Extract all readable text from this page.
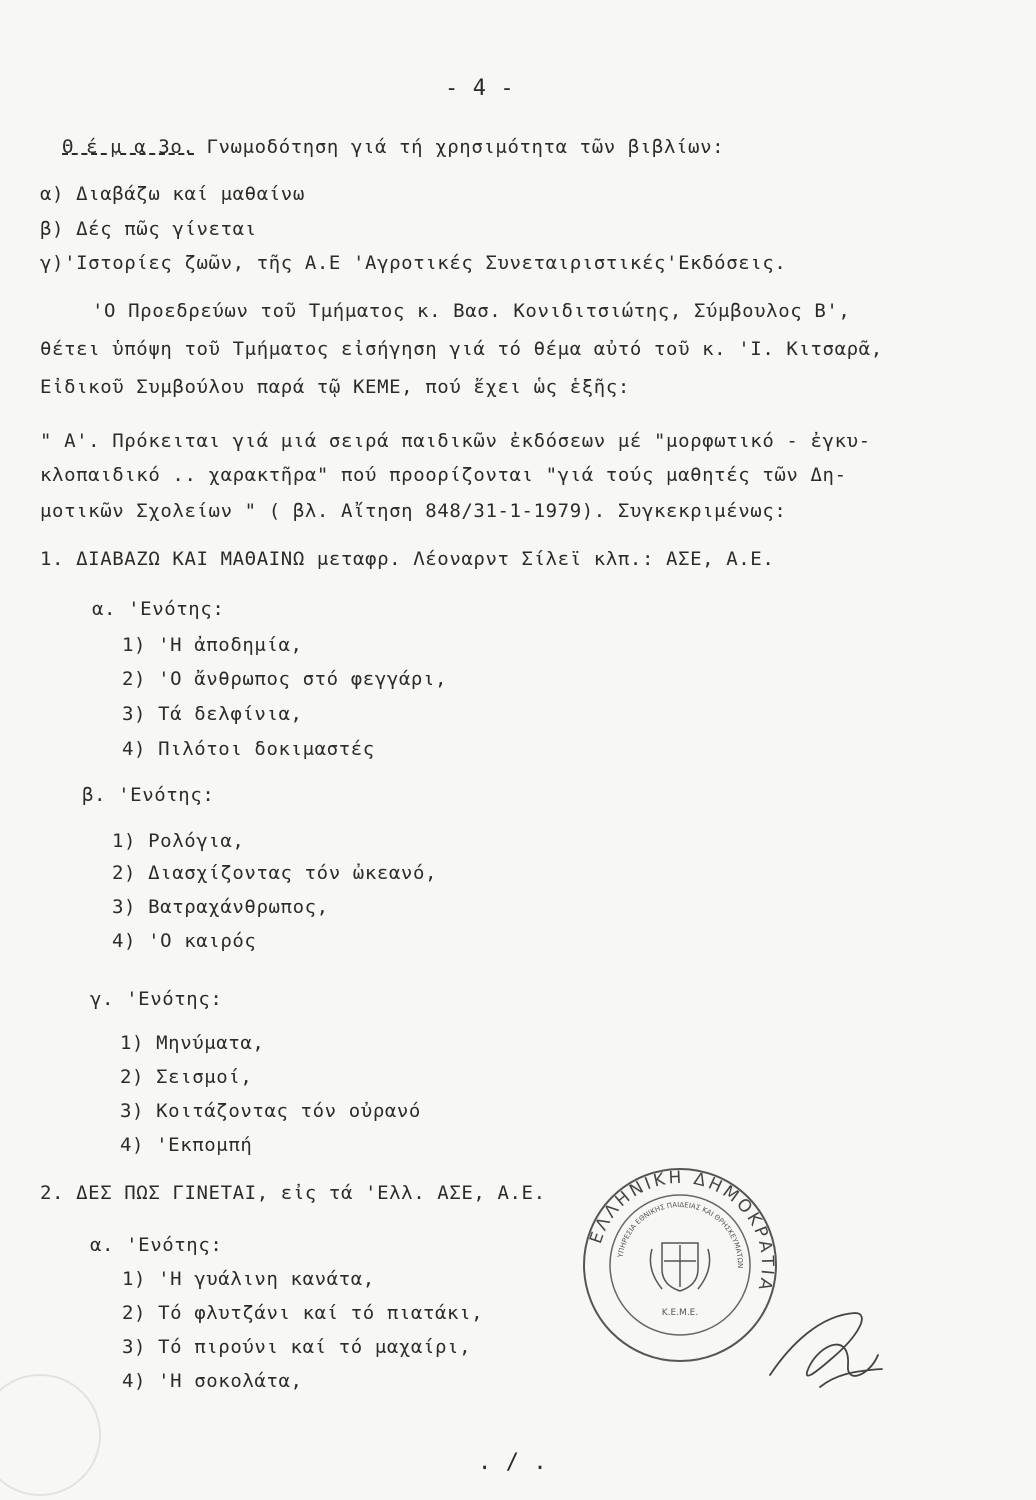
- 4 -
Θ έ μ α 3ο. Γνωμοδότηση γιά τή χρησιμότητα τῶν βιβλίων:
α) Διαβάζω καί μαθαίνω
β) Δές πῶς γίνεται
γ)'Ιστορίες ζωῶν, τῆς Α.Ε 'Αγροτικές Συνεταιριστικές'Εκδόσεις.
'Ο Προεδρεύων τοῦ Τμήματος κ. Βασ. Κονιδιτσιώτης, Σύμβουλος Β',
θέτει ὑπόψη τοῦ Τμήματος εἰσήγηση γιά τό θέμα αὐτό τοῦ κ. 'Ι. Κιτσαρᾶ,
Εἰδικοῦ Συμβούλου παρά τῷ ΚΕΜΕ, πού ἔχει ὡς ἑξῆς:
" Α'. Πρόκειται γιά μιά σειρά παιδικῶν ἐκδόσεων μέ "μορφωτικό - ἐγκυ-
κλοπαιδικό .. χαρακτῆρα" πού προορίζονται "γιά τούς μαθητές τῶν Δη-
μοτικῶν Σχολείων " ( βλ. Αἴτηση 848/31-1-1979). Συγκεκριμένως:
1. ΔΙΑΒΑΖΩ ΚΑΙ ΜΑΘΑΙΝΩ μεταφρ. Λέοναρντ Σίλεϊ κλπ.: ΑΣΕ, Α.Ε.
α. 'Ενότης:
1) 'Η ἀποδημία,
2) 'Ο ἄνθρωπος στό φεγγάρι,
3) Τά δελφίνια,
4) Πιλότοι δοκιμαστές
β. 'Ενότης:
1) Ρολόγια,
2) Διασχίζοντας τόν ὠκεανό,
3) Βατραχάνθρωπος,
4) 'Ο καιρός
γ. 'Ενότης:
1) Μηνύματα,
2) Σεισμοί,
3) Κοιτάζοντας τόν οὐρανό
4) 'Εκπομπή
2. ΔΕΣ ΠΩΣ ΓΙΝΕΤΑΙ, εἰς τά 'Ελλ. ΑΣΕ, Α.Ε.
α. 'Ενότης:
1) 'Η γυάλινη κανάτα,
2) Τό φλυτζάνι καί τό πιατάκι,
3) Τό πιρούνι καί τό μαχαίρι,
4) 'Η σοκολάτα,
ΕΛΛΗΝΙΚΗ ΔΗΜΟΚΡΑΤΙΑ
ΥΠΗΡΕΣΙΑ ΕΘΝΙΚΗΣ ΠΑΙΔΕΙΑΣ ΚΑΙ ΘΡΗΣΚΕΥΜΑΤΩΝ
Κ.Ε.Μ.Ε.
. / .
